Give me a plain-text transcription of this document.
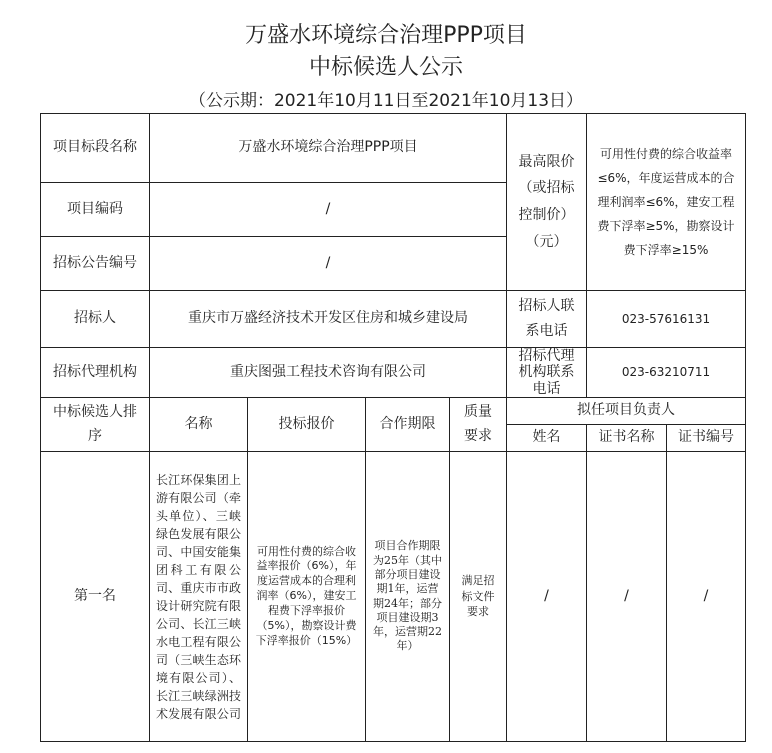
万盛水环境综合治理PPP项目
中标候选人公示
（公示期：2021年10月11日至2021年10月13日）
项目标段名称	万盛水环境综合治理PPP项目				最高限价（或招标控制价）（元）	可用性付费的综合收益率≤6%，年度运营成本的合理利润率≤6%，建安工程费下浮率≥5%，勘察设计费下浮率≥15%	
项目编码	/						
招标公告编号	/						
招标人	重庆市万盛经济技术开发区住房和城乡建设局				招标人联系电话	023-57616131	
招标代理机构	重庆图强工程技术咨询有限公司				招标代理机构联系电话	023-63210711	
中标候选人排序	名称	投标报价	合作期限	质量要求	拟任项目负责人		
					姓名	证书名称	证书编号
第一名	长江环保集团上游有限公司（牵头单位）、三峡绿色发展有限公司、中国安能集团科工有限公司、重庆市市政设计研究院有限公司、长江三峡水电工程有限公司（三峡生态环境有限公司）、长江三峡绿洲技术发展有限公司	可用性付费的综合收益率报价（6%），年度运营成本的合理利润率（6%），建安工程费下浮率报价（5%），勘察设计费下浮率报价（15%）	项目合作期限为25年（其中部分项目建设期1年，运营期24年；部分项目建设期3年，运营期22年）	满足招标文件要求	/	/	/
